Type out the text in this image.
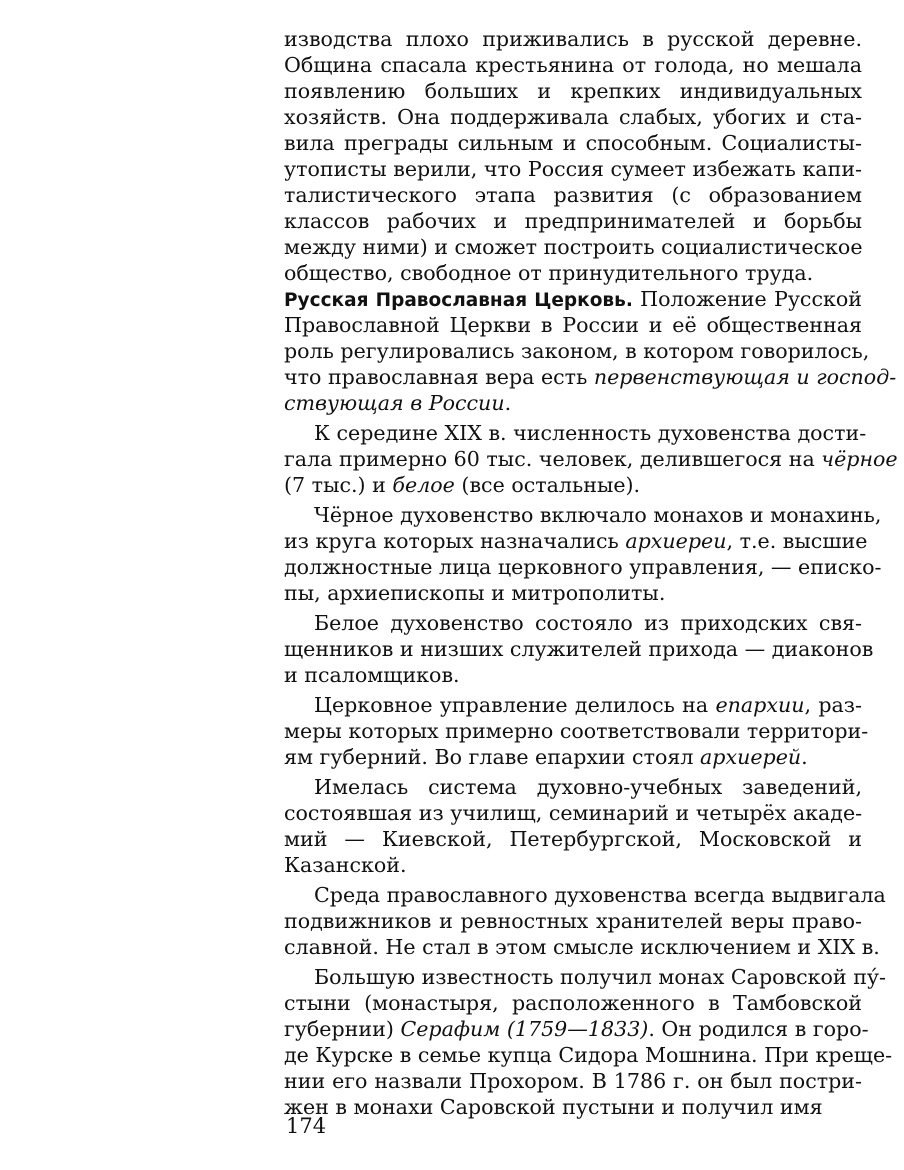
изводства плохо приживались в русской деревне.
Община спасала крестьянина от голода, но мешала
появлению больших и крепких индивидуальных
хозяйств. Она поддерживала слабых, убогих и ста-
вила преграды сильным и способным. Социалисты-
утописты верили, что Россия сумеет избежать капи-
талистического этапа развития (с образованием
классов рабочих и предпринимателей и борьбы
между ними) и сможет построить социалистическое
общество, свободное от принудительного труда.
Русская Православная Церковь. Положение Русской
Православной Церкви в России и её общественная
роль регулировались законом, в котором говорилось,
что православная вера есть первенствующая и господ-
ствующая в России.
К середине XIX в. численность духовенства дости-
гала примерно 60 тыс. человек, делившегося на чёрное
(7 тыс.) и белое (все остальные).
Чёрное духовенство включало монахов и монахинь,
из круга которых назначались архиереи, т.е. высшие
должностные лица церковного управления, — еписко-
пы, архиепископы и митрополиты.
Белое духовенство состояло из приходских свя-
щенников и низших служителей прихода — диаконов
и псаломщиков.
Церковное управление делилось на епархии, раз-
меры которых примерно соответствовали территори-
ям губерний. Во главе епархии стоял архиерей.
Имелась система духовно-учебных заведений,
состоявшая из училищ, семинарий и четырёх акаде-
мий — Киевской, Петербургской, Московской и
Казанской.
Среда православного духовенства всегда выдвигала
подвижников и ревностных хранителей веры право-
славной. Не стал в этом смысле исключением и XIX в.
Большую известность получил монах Саровской пу́-
стыни (монастыря, расположенного в Тамбовской
губернии) Серафим (1759—1833). Он родился в горо-
де Курске в семье купца Сидора Мошнина. При креще-
нии его назвали Прохором. В 1786 г. он был постри-
жен в монахи Саровской пустыни и получил имя
174
